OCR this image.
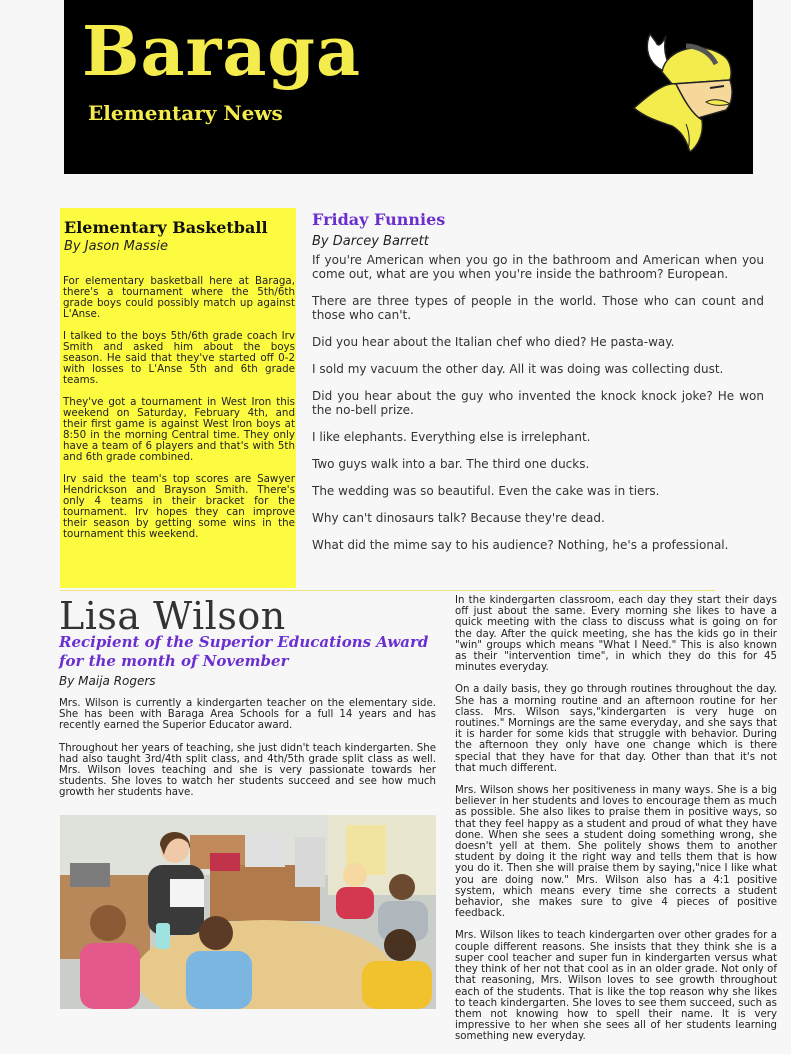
Baraga
Elementary News
Elementary Basketball
By Jason Massie

For elementary basketball here at Baraga, there's a tournament where the 5th/6th grade boys could possibly match up against L'Anse.

I talked to the boys 5th/6th grade coach Irv Smith and asked him about the boys season. He said that they've started off 0-2 with losses to L'Anse 5th and 6th grade teams.

They've got a tournament in West Iron this weekend on Saturday, February 4th, and their first game is against West Iron boys at 8:50 in the morning Central time. They only have a team of 6 players and that's with 5th and 6th grade combined.

Irv said the team's top scores are Sawyer Hendrickson and Brayson Smith. There's only 4 teams in their bracket for the tournament. Irv hopes they can improve their season by getting some wins in the tournament this weekend.

Friday Funnies
By Darcey Barrett

If you're American when you go in the bathroom and American when you come out, what are you when you're inside the bathroom? European.

There are three types of people in the world. Those who can count and those who can't.

Did you hear about the Italian chef who died? He pasta-way.

I sold my vacuum the other day. All it was doing was collecting dust.

Did you hear about the guy who invented the knock knock joke? He won the no-bell prize.

I like elephants. Everything else is irrelephant.

Two guys walk into a bar. The third one ducks.

The wedding was so beautiful. Even the cake was in tiers.

Why can't dinosaurs talk? Because they're dead.

What did the mime say to his audience? Nothing, he's a professional.

Lisa Wilson
Recipient of the Superior Educations Award for the month of November
By Maija Rogers

Mrs. Wilson is currently a kindergarten teacher on the elementary side. She has been with Baraga Area Schools for a full 14 years and has recently earned the Superior Educator award.

Throughout her years of teaching, she just didn't teach kindergarten. She had also taught 3rd/4th split class, and 4th/5th grade split class as well. Mrs. Wilson loves teaching and she is very passionate towards her students. She loves to watch her students succeed and see how much growth her students have.

In the kindergarten classroom, each day they start their days off just about the same. Every morning she likes to have a quick meeting with the class to discuss what is going on for the day. After the quick meeting, she has the kids go in their "win" groups which means "What I Need." This is also known as their "intervention time", in which they do this for 45 minutes everyday.

On a daily basis, they go through routines throughout the day. She has a morning routine and an afternoon routine for her class. Mrs. Wilson says,"kindergarten is very huge on routines." Mornings are the same everyday, and she says that it is harder for some kids that struggle with behavior. During the afternoon they only have one change which is there special that they have for that day. Other than that it's not that much different.

Mrs. Wilson shows her positiveness in many ways. She is a big believer in her students and loves to encourage them as much as possible. She also likes to praise them in positive ways, so that they feel happy as a student and proud of what they have done. When she sees a student doing something wrong, she doesn't yell at them. She politely shows them to another student by doing it the right way and tells them that is how you do it. Then she will praise them by saying,"nice I like what you are doing now." Mrs. Wilson also has a 4:1 positive system, which means every time she corrects a student behavior, she makes sure to give 4 pieces of positive feedback.

Mrs. Wilson likes to teach kindergarten over other grades for a couple different reasons. She insists that they think she is a super cool teacher and super fun in kindergarten versus what they think of her not that cool as in an older grade. Not only of that reasoning, Mrs. Wilson loves to see growth throughout each of the students. That is like the top reason why she likes to teach kindergarten. She loves to see them succeed, such as them not knowing how to spell their name. It is very impressive to her when she sees all of her students learning something new everyday.
